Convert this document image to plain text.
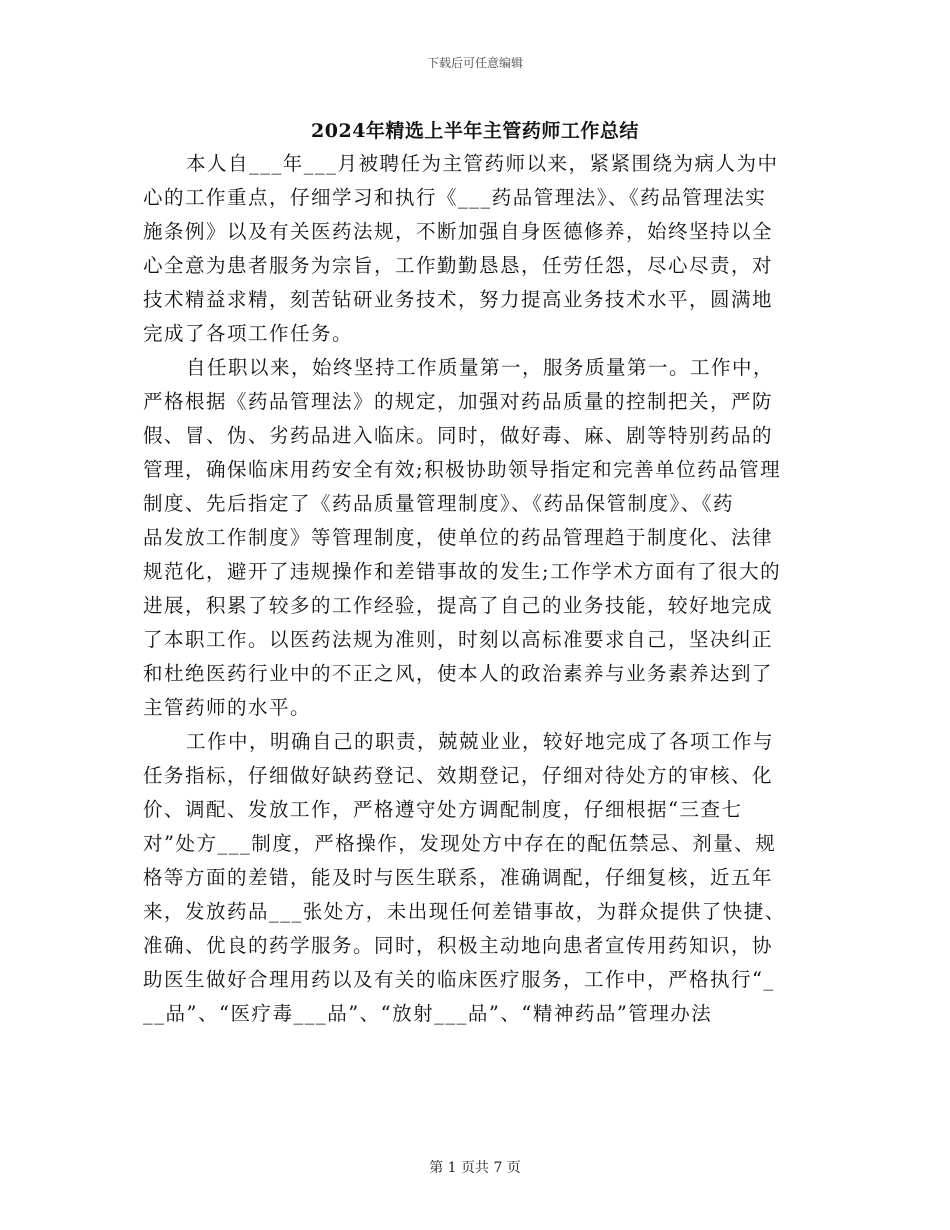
下载后可任意编辑
2024年精选上半年主管药师工作总结
本人自___年___月被聘任为主管药师以来，紧紧围绕为病人为中
心的工作重点，仔细学习和执行《___药品管理法》、《药品管理法实
施条例》以及有关医药法规，不断加强自身医德修养，始终坚持以全
心全意为患者服务为宗旨，工作勤勤恳恳，任劳任怨，尽心尽责，对
技术精益求精，刻苦钻研业务技术，努力提高业务技术水平，圆满地
完成了各项工作任务。
自任职以来，始终坚持工作质量第一，服务质量第一。工作中，
严格根据《药品管理法》的规定，加强对药品质量的控制把关，严防
假、冒、伪、劣药品进入临床。同时，做好毒、麻、剧等特别药品的
管理，确保临床用药安全有效;积极协助领导指定和完善单位药品管理
制度、先后指定了《药品质量管理制度》、《药品保管制度》、《药
品发放工作制度》等管理制度，使单位的药品管理趋于制度化、法律
规范化，避开了违规操作和差错事故的发生;工作学术方面有了很大的
进展，积累了较多的工作经验，提高了自己的业务技能，较好地完成
了本职工作。以医药法规为准则，时刻以高标准要求自己，坚决纠正
和杜绝医药行业中的不正之风，使本人的政治素养与业务素养达到了
主管药师的水平。
工作中，明确自己的职责，兢兢业业，较好地完成了各项工作与
任务指标，仔细做好缺药登记、效期登记，仔细对待处方的审核、化
价、调配、发放工作，严格遵守处方调配制度，仔细根据“三查七
对”处方___制度，严格操作，发现处方中存在的配伍禁忌、剂量、规
格等方面的差错，能及时与医生联系，准确调配，仔细复核，近五年
来，发放药品___张处方，未出现任何差错事故，为群众提供了快捷、
准确、优良的药学服务。同时，积极主动地向患者宣传用药知识，协
助医生做好合理用药以及有关的临床医疗服务，工作中，严格执行“_
__品”、“医疗毒___品”、“放射___品”、“精神药品”管理办法
第 1 页共 7 页
